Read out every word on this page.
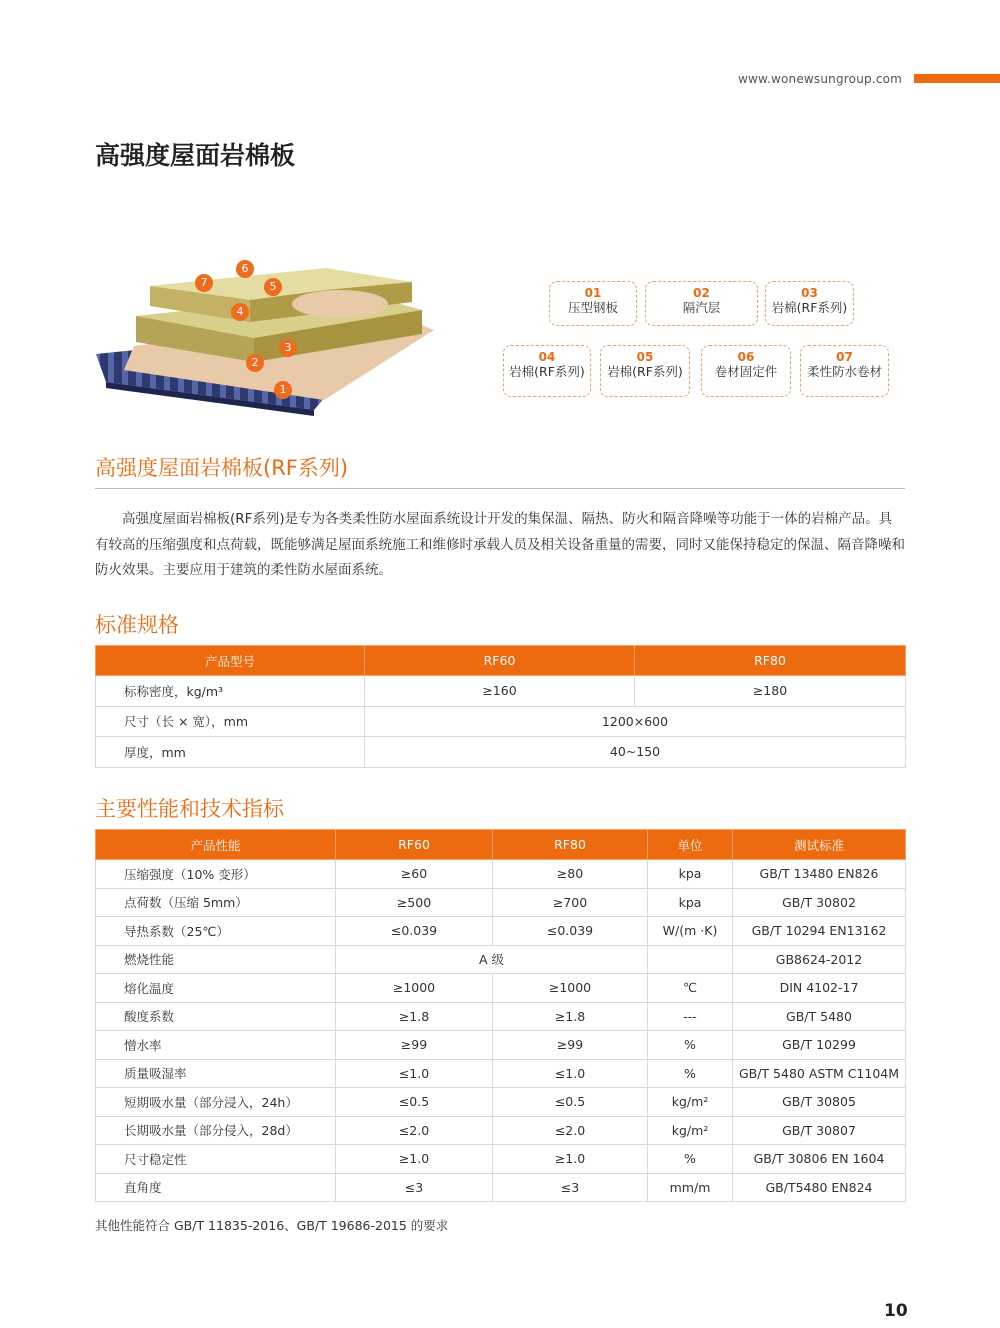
www.wonewsungroup.com
高强度屋面岩棉板
1
2
3
4
5
6
7
01
压型钢板
02
隔汽层
03
岩棉(RF系列)
04
岩棉(RF系列)
05
岩棉(RF系列)
06
卷材固定件
07
柔性防水卷材
高强度屋面岩棉板(RF系列)

高强度屋面岩棉板(RF系列)是专为各类柔性防水屋面系统设计开发的集保温、隔热、防火和隔音降噪等功能于一体的岩棉产品。具有较高的压缩强度和点荷载，既能够满足屋面系统施工和维修时承载人员及相关设备重量的需要，同时又能保持稳定的保温、隔音降噪和防火效果。主要应用于建筑的柔性防水屋面系统。

标准规格
产品型号	RF60	RF80
标称密度，kg/m³	≥160	≥180
尺寸（长 × 宽），mm	1200×600	
厚度，mm	40~150	
主要性能和技术指标
产品性能	RF60	RF80	单位	测试标准
压缩强度（10% 变形）	≥60	≥80	kpa	GB/T 13480 EN826
点荷数（压缩 5mm）	≥500	≥700	kpa	GB/T 30802
导热系数（25℃）	≤0.039	≤0.039	W/(m ·K)	GB/T 10294 EN13162
燃烧性能	A 级			GB8624-2012
熔化温度	≥1000	≥1000	℃	DIN 4102-17
酸度系数	≥1.8	≥1.8	---	GB/T 5480
憎水率	≥99	≥99	%	GB/T 10299
质量吸湿率	≤1.0	≤1.0	%	GB/T 5480 ASTM C1104M
短期吸水量（部分浸入，24h）	≤0.5	≤0.5	kg/m²	GB/T 30805
长期吸水量（部分侵入，28d）	≤2.0	≤2.0	kg/m²	GB/T 30807
尺寸稳定性	≥1.0	≥1.0	%	GB/T 30806 EN 1604
直角度	≤3	≤3	mm/m	GB/T5480 EN824

其他性能符合 GB/T 11835-2016、GB/T 19686-2015 的要求

10
